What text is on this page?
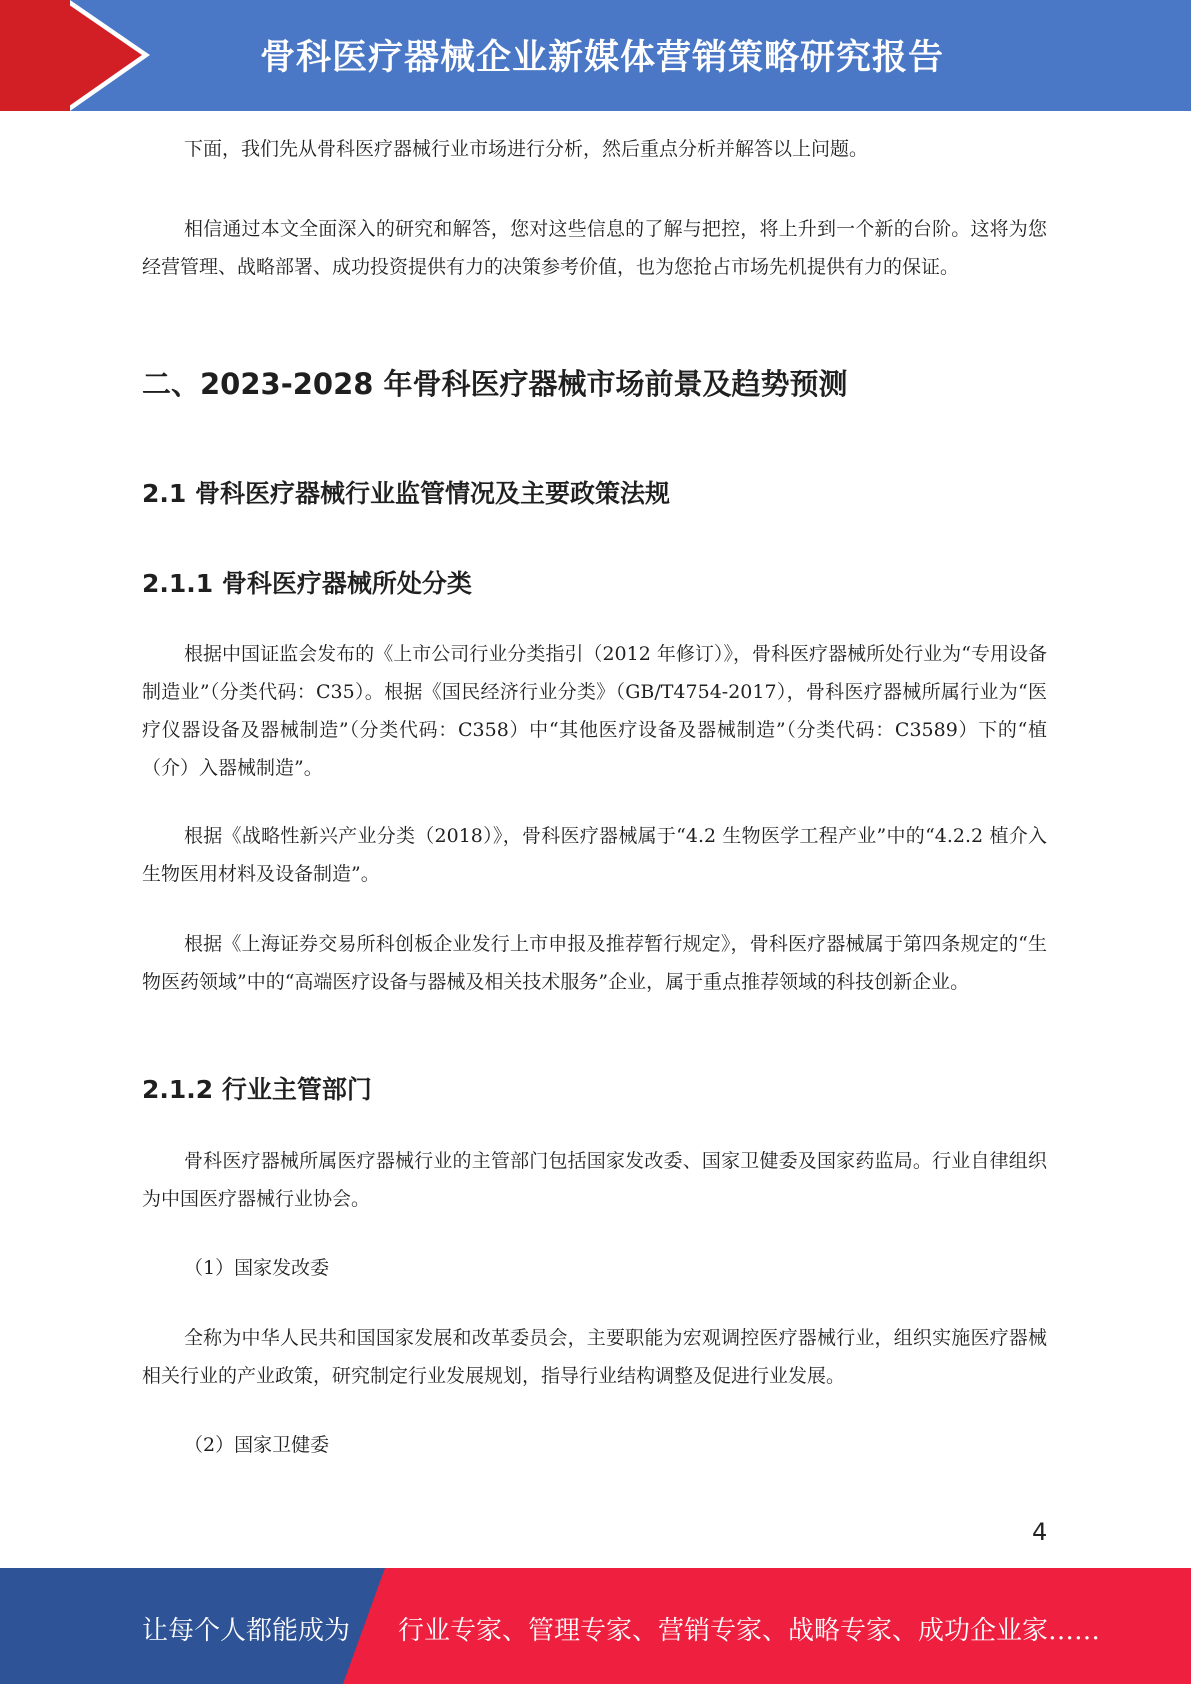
骨科医疗器械企业新媒体营销策略研究报告

下面，我们先从骨科医疗器械行业市场进行分析，然后重点分析并解答以上问题。

相信通过本文全面深入的研究和解答，您对这些信息的了解与把控，将上升到一个新的台阶。这将为您经营管理、战略部署、成功投资提供有力的决策参考价值，也为您抢占市场先机提供有力的保证。

二、2023-2028 年骨科医疗器械市场前景及趋势预测
2.1 骨科医疗器械行业监管情况及主要政策法规
2.1.1 骨科医疗器械所处分类

根据中国证监会发布的《上市公司行业分类指引（2012 年修订）》，骨科医疗器械所处行业为“专用设备制造业”（分类代码：C35）。根据《国民经济行业分类》（GB/T4754-2017），骨科医疗器械所属行业为“医疗仪器设备及器械制造”（分类代码：C358）中“其他医疗设备及器械制造”（分类代码：C3589）下的“植（介）入器械制造”。

根据《战略性新兴产业分类（2018）》，骨科医疗器械属于“4.2 生物医学工程产业”中的“4.2.2 植介入生物医用材料及设备制造”。

根据《上海证券交易所科创板企业发行上市申报及推荐暂行规定》，骨科医疗器械属于第四条规定的“生物医药领域”中的“高端医疗设备与器械及相关技术服务”企业，属于重点推荐领域的科技创新企业。

2.1.2 行业主管部门

骨科医疗器械所属医疗器械行业的主管部门包括国家发改委、国家卫健委及国家药监局。行业自律组织为中国医疗器械行业协会。

（1）国家发改委

全称为中华人民共和国国家发展和改革委员会，主要职能为宏观调控医疗器械行业，组织实施医疗器械相关行业的产业政策，研究制定行业发展规划，指导行业结构调整及促进行业发展。

（2）国家卫健委

4
让每个人都能成为 行业专家、管理专家、营销专家、战略专家、成功企业家……
